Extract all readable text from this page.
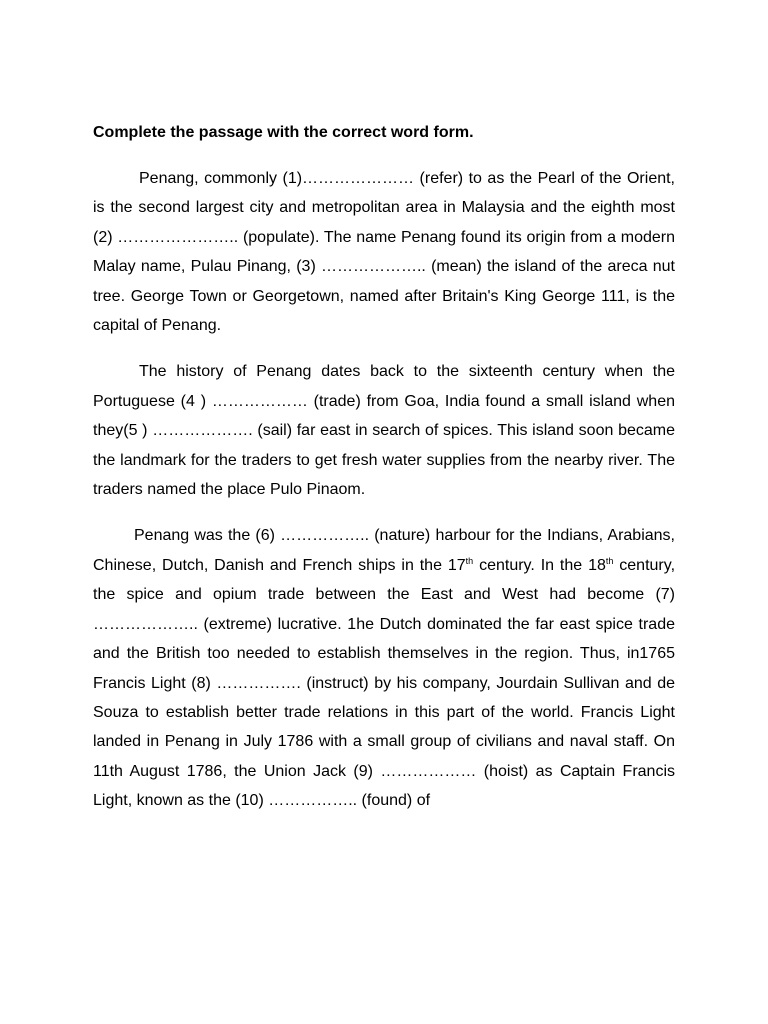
Complete the passage with the correct word form.

Penang, commonly (1)………………… (refer) to as the Pearl of the Orient, is the second largest city and metropolitan area in Malaysia and the eighth most (2) ………………….. (populate). The name Penang found its origin from a modern Malay name, Pulau Pinang, (3) ……………….. (mean) the island of the areca nut tree. George Town or Georgetown, named after Britain's King George 111, is the capital of Penang.

The history of Penang dates back to the sixteenth century when the Portuguese (4 ) ……………… (trade) from Goa, India found a small island when they(5 ) ………………. (sail) far east in search of spices. This island soon became the landmark for the traders to get fresh water supplies from the nearby river. The traders named the place Pulo Pinaom.

Penang was the (6) …………….. (nature) harbour for the Indians, Arabians, Chinese, Dutch, Danish and French ships in the 17th century. In the 18th century, the spice and opium trade between the East and West had become (7) ……………….. (extreme) lucrative. 1he Dutch dominated the far east spice trade and the British too needed to establish themselves in the region. Thus, in1765 Francis Light (8) ……………. (instruct) by his company, Jourdain Sullivan and de Souza to establish better trade relations in this part of the world. Francis Light landed in Penang in July 1786 with a small group of civilians and naval staff. On 11th August 1786, the Union Jack (9) ……………… (hoist) as Captain Francis Light, known as the (10) …………….. (found) of
